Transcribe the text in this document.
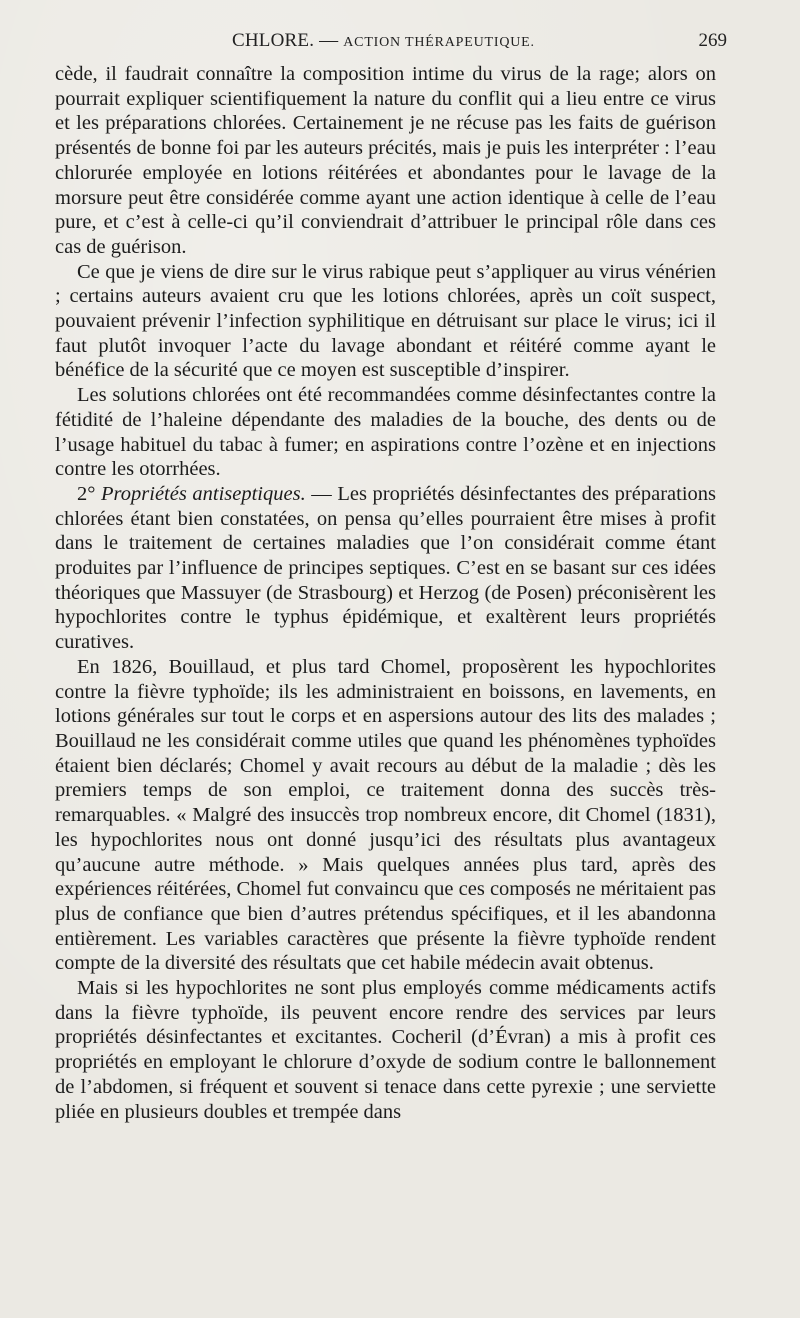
CHLORE. — ACTION THÉRAPEUTIQUE.	269

cède, il faudrait connaître la composition intime du virus de la rage; alors on pourrait expliquer scientifiquement la nature du conflit qui a lieu entre ce virus et les préparations chlorées. Certainement je ne récuse pas les faits de guérison présentés de bonne foi par les auteurs précités, mais je puis les interpréter : l’eau chlorurée employée en lotions réitérées et abondantes pour le lavage de la morsure peut être considérée comme ayant une action identique à celle de l’eau pure, et c’est à celle-ci qu’il conviendrait d’attribuer le principal rôle dans ces cas de guérison.

Ce que je viens de dire sur le virus rabique peut s’appliquer au virus vénérien ; certains auteurs avaient cru que les lotions chlorées, après un coït suspect, pouvaient prévenir l’infection syphilitique en détruisant sur place le virus; ici il faut plutôt invoquer l’acte du lavage abondant et réitéré comme ayant le bénéfice de la sécurité que ce moyen est susceptible d’inspirer.

Les solutions chlorées ont été recommandées comme désinfectantes contre la fétidité de l’haleine dépendante des maladies de la bouche, des dents ou de l’usage habituel du tabac à fumer; en aspirations contre l’ozène et en injections contre les otorrhées.

2° Propriétés antiseptiques. — Les propriétés désinfectantes des préparations chlorées étant bien constatées, on pensa qu’elles pourraient être mises à profit dans le traitement de certaines maladies que l’on considérait comme étant produites par l’influence de principes septiques. C’est en se basant sur ces idées théoriques que Massuyer (de Strasbourg) et Herzog (de Posen) préconisèrent les hypochlorites contre le typhus épidémique, et exaltèrent leurs propriétés curatives.

En 1826, Bouillaud, et plus tard Chomel, proposèrent les hypochlorites contre la fièvre typhoïde; ils les administraient en boissons, en lavements, en lotions générales sur tout le corps et en aspersions autour des lits des malades ; Bouillaud ne les considérait comme utiles que quand les phénomènes typhoïdes étaient bien déclarés; Chomel y avait recours au début de la maladie ; dès les premiers temps de son emploi, ce traitement donna des succès très-remarquables. « Malgré des insuccès trop nombreux encore, dit Chomel (1831), les hypochlorites nous ont donné jusqu’ici des résultats plus avantageux qu’aucune autre méthode. » Mais quelques années plus tard, après des expériences réitérées, Chomel fut convaincu que ces composés ne méritaient pas plus de confiance que bien d’autres prétendus spécifiques, et il les abandonna entièrement. Les variables caractères que présente la fièvre typhoïde rendent compte de la diversité des résultats que cet habile médecin avait obtenus.

Mais si les hypochlorites ne sont plus employés comme médicaments actifs dans la fièvre typhoïde, ils peuvent encore rendre des services par leurs propriétés désinfectantes et excitantes. Cocheril (d’Évran) a mis à profit ces propriétés en employant le chlorure d’oxyde de sodium contre le ballonnement de l’abdomen, si fréquent et souvent si tenace dans cette pyrexie ; une serviette pliée en plusieurs doubles et trempée dans
